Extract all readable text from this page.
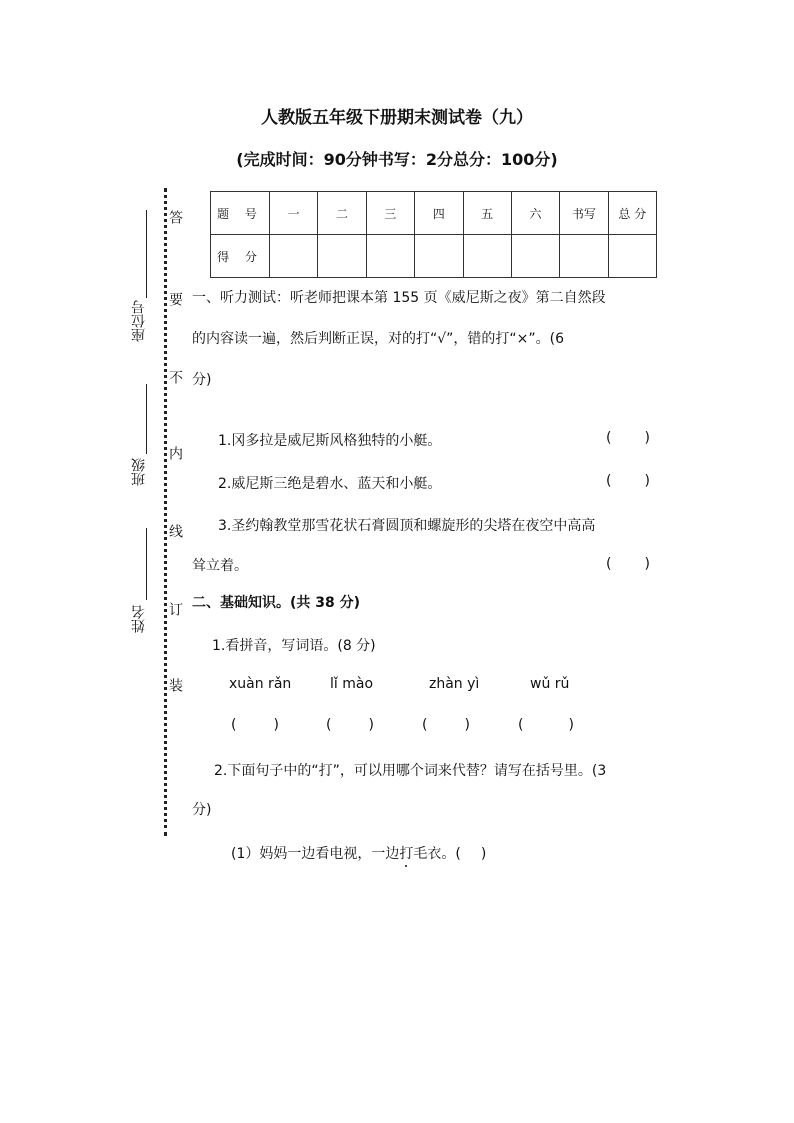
人教版五年级下册期末测试卷（九）
(完成时间：90分钟书写：2分总分：100分)
座位号
班级
姓名
答
要
不
内
线
订
装
题 号	一	二	三	四	五	六	书写	总 分
得 分								
一、听力测试：听老师把课本第 155 页《威尼斯之夜》第二自然段
的内容读一遍，然后判断正误，对的打“√”，错的打“×”。(6
分)
1.冈多拉是威尼斯风格独特的小艇。	( )
2.威尼斯三绝是碧水、蓝天和小艇。	( )
3.圣约翰教堂那雪花状石膏圆顶和螺旋形的尖塔在夜空中高高
耸立着。	( )
二、基础知识。(共 38 分)
1.看拼音，写词语。(8 分)
xuàn rǎn	lǐ mào	zhàn yì	wǔ rǔ
(	)	(	)	(	)	(	)
2.下面句子中的“打”，可以用哪个词来代替？请写在括号里。(3
分)
(1）妈妈一边看电视，一边打毛衣。( )
